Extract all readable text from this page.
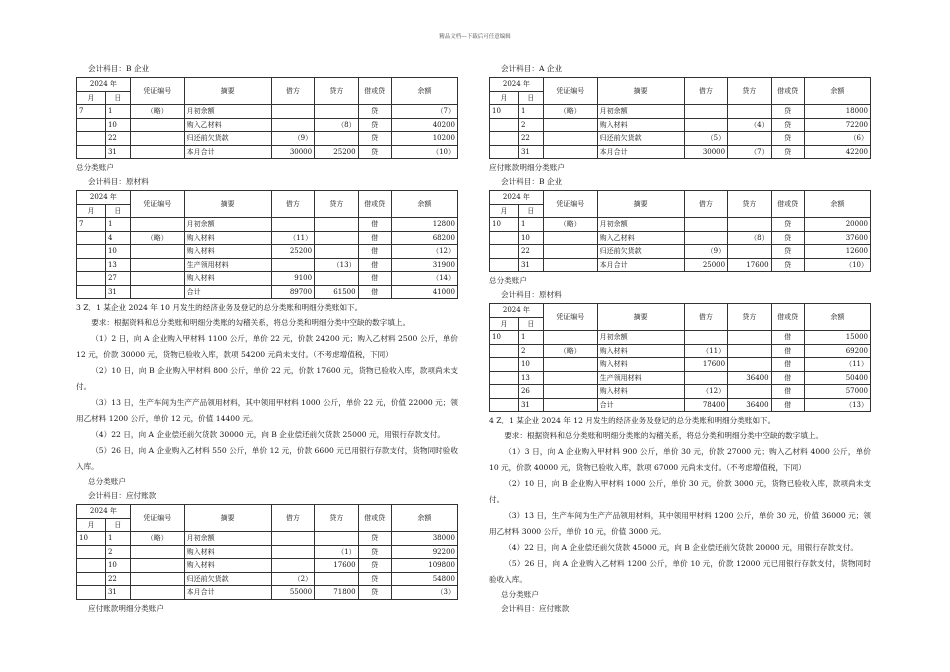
精品文档---下载后可任意编辑
会计科目：B 企业
2024 年		凭证编号	摘要	借方	贷方	借或贷	余额
月	日						
7	1	（略）	月初余额			贷	（7）
	10		购入乙材料		（8）	贷	40200
	22		归还前欠货款	（9）		贷	10200
	31		本月合计	30000	25200	贷	（10）
总分类账户
会计科目：原材料
2024 年		凭证编号	摘要	借方	贷方	借或贷	余额
月	日						
7	1		月初余额			借	12800
	4	（略）	购入材料	（11）		借	68200
	10		购入材料	25200		借	（12）
	13		生产领用材料		（13）	借	31900
	27		购入材料	9100		借	（14）
	31		合计	89700	61500	借	41000
3 Z．1 某企业 2024 年 10 月发生的经济业务及登记的总分类账和明细分类账如下。

要求：根据资料和总分类账和明细分类账的勾稽关系，将总分类和明细分类中空缺的数字填上。

（1）2 日，向 A 企业购入甲材料 1100 公斤，单价 22 元，价款 24200 元；购入乙材料 2500 公斤，单价 12 元，价款 30000 元，货物已验收入库，款项 54200 元尚未支付。（不考虑增值税，下同）

（2）10 日，向 B 企业购入甲材料 800 公斤，单价 22 元，价款 17600 元，货物已验收入库，款项尚未支付。

（3）13 日，生产车间为生产产品领用材料，其中领用甲材料 1000 公斤，单价 22 元，价值 22000 元；领用乙材料 1200 公斤，单价 12 元，价值 14400 元。

（4）22 日，向 A 企业偿还前欠货款 30000 元，向 B 企业偿还前欠货款 25000 元，用银行存款支付。

（5）26 日，向 A 企业购入乙材料 550 公斤，单价 12 元，价款 6600 元已用银行存款支付，货物同时验收入库。

总分类账户
会计科目：应付账款
2024 年		凭证编号	摘要	借方	贷方	借或贷	余额
月	日						
10	1	（略）	月初余额			贷	38000
	2		购入材料		（1）	贷	92200
	10		购入材料		17600	贷	109800
	22		归还前欠货款	（2）		贷	54800
	31		本月合计	55000	71800	贷	（3）
应付账款明细分类账户
会计科目：A 企业
2024 年		凭证编号	摘要	借方	贷方	借或贷	余额
月	日						
10	1	（略）	月初余额			贷	18000
	2		购入材料		（4）	贷	72200
	22		归还前欠货款	（5）		贷	（6）
	31		本月合计	30000	（7）	贷	42200
应付账款明细分类账户
会计科目：B 企业
2024 年		凭证编号	摘要	借方	贷方	借或贷	余额
月	日						
10	1	（略）	月初余额			贷	20000
	10		购入乙材料		（8）	贷	37600
	22		归还前欠货款	（9）		贷	12600
	31		本月合计	25000	17600	贷	（10）
总分类账户
会计科目：原材料
2024 年		凭证编号	摘要	借方	贷方	借或贷	余额
月	日						
10	1		月初余额			借	15000
	2	（略）	购入材料	（11）		借	69200
	10		购入材料	17600		借	（11）
	13		生产领用材料		36400	借	50400
	26		购入材料	（12）		借	57000
	31		合计	78400	36400	借	（13）
4 Z．1 某企业 2024 年 12 月发生的经济业务及登记的总分类账和明细分类账如下。

要求：根据资料和总分类账和明细分类账的勾稽关系，将总分类和明细分类中空缺的数字填上。

（1）3 日，向 A 企业购入甲材料 900 公斤，单价 30 元，价款 27000 元；购入乙材料 4000 公斤，单价 10 元，价款 40000 元，货物已验收入库，款项 67000 元尚未支付。（不考虑增值税，下同）

（2）10 日，向 B 企业购入甲材料 1000 公斤，单价 30 元，价款 3000 元，货物已验收入库，款项尚未支付。

（3）13 日，生产车间为生产产品领用材料，其中领用甲材料 1200 公斤，单价 30 元，价值 36000 元；领用乙材料 3000 公斤，单价 10 元，价值 3000 元。

（4）22 日，向 A 企业偿还前欠货款 45000 元，向 B 企业偿还前欠货款 20000 元，用银行存款支付。

（5）26 日，向 A 企业购入乙材料 1200 公斤，单价 10 元，价款 12000 元已用银行存款支付，货物同时验收入库。

总分类账户
会计科目：应付账款
